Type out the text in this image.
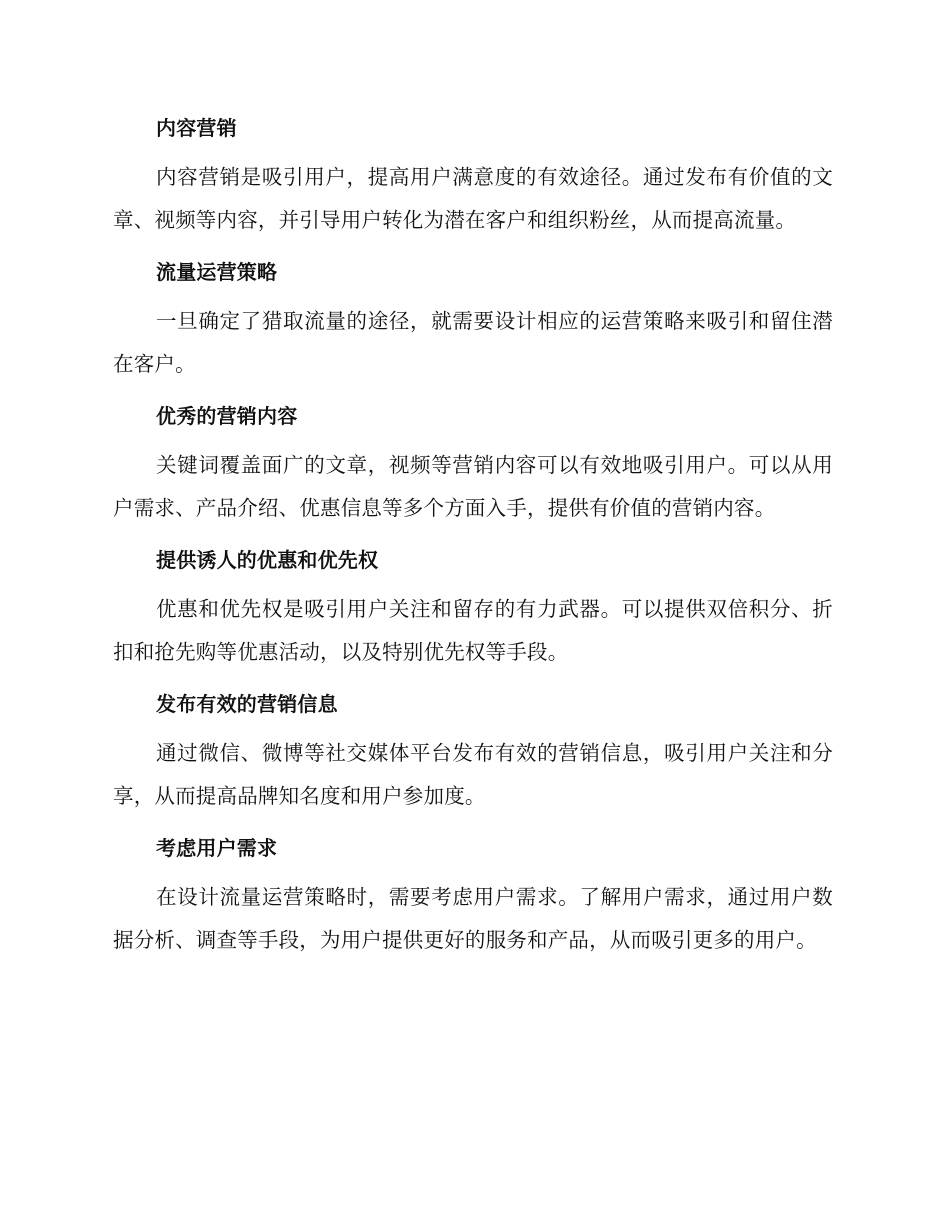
内容营销

内容营销是吸引用户，提高用户满意度的有效途径。通过发布有价值的文章、视频等内容，并引导用户转化为潜在客户和组织粉丝，从而提高流量。

流量运营策略

一旦确定了猎取流量的途径，就需要设计相应的运营策略来吸引和留住潜在客户。

优秀的营销内容

关键词覆盖面广的文章，视频等营销内容可以有效地吸引用户。可以从用户需求、产品介绍、优惠信息等多个方面入手，提供有价值的营销内容。

提供诱人的优惠和优先权

优惠和优先权是吸引用户关注和留存的有力武器。可以提供双倍积分、折扣和抢先购等优惠活动，以及特别优先权等手段。

发布有效的营销信息

通过微信、微博等社交媒体平台发布有效的营销信息，吸引用户关注和分享，从而提高品牌知名度和用户参加度。

考虑用户需求

在设计流量运营策略时，需要考虑用户需求。了解用户需求，通过用户数据分析、调查等手段，为用户提供更好的服务和产品，从而吸引更多的用户。
